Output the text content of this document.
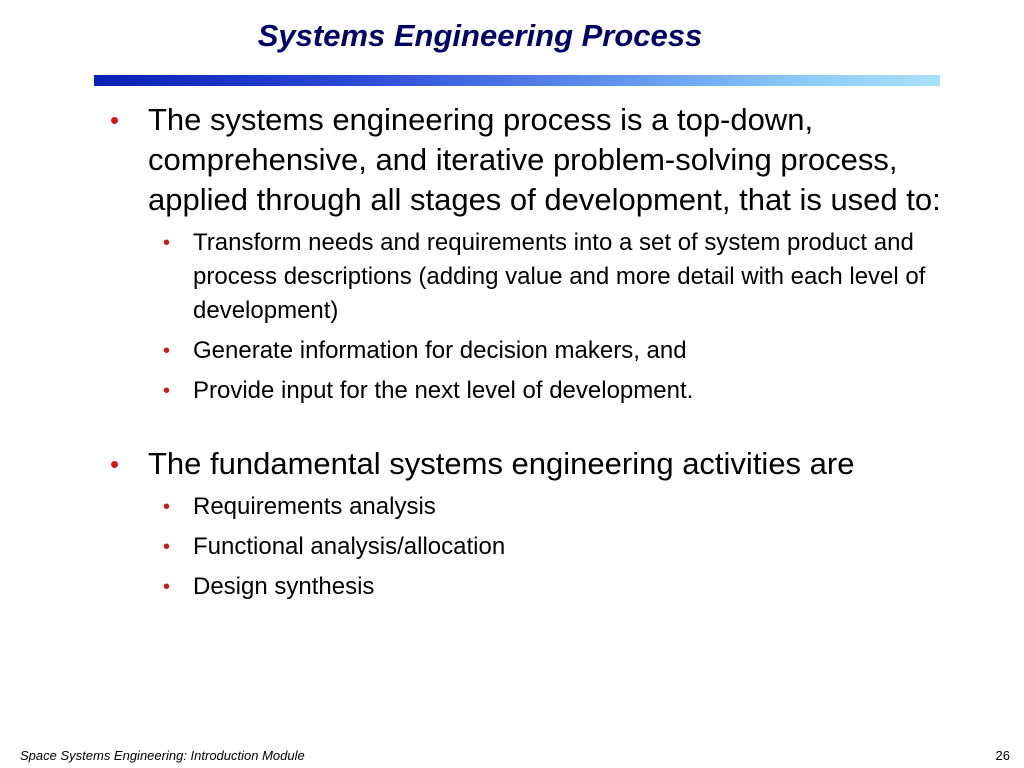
Systems Engineering Process
• The systems engineering process is a top-down, comprehensive, and iterative problem-solving process, applied through all stages of development, that is used to:
• Transform needs and requirements into a set of system product and process descriptions (adding value and more detail with each level of development)
• Generate information for decision makers, and
• Provide input for the next level of development.
• The fundamental systems engineering activities are
• Requirements analysis
• Functional analysis/allocation
• Design synthesis
Space Systems Engineering: Introduction Module	26
